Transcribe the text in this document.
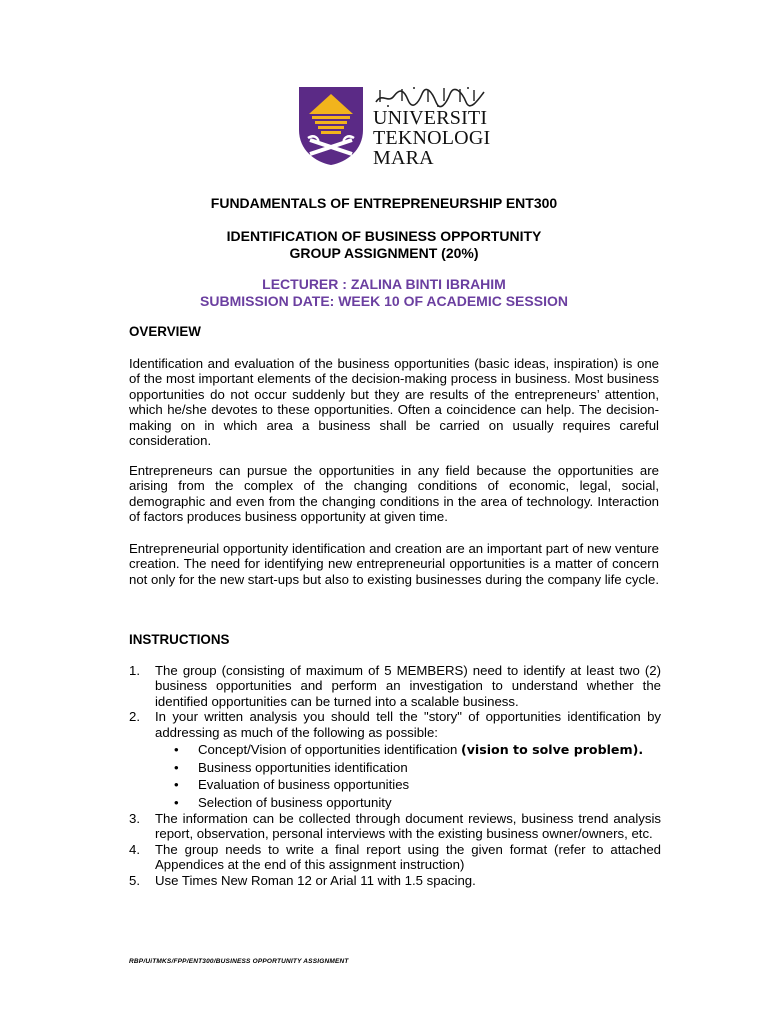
UNIVERSITI
TEKNOLOGI
MARA
FUNDAMENTALS OF ENTREPRENEURSHIP ENT300
IDENTIFICATION OF BUSINESS OPPORTUNITY
GROUP ASSIGNMENT (20%)
LECTURER : ZALINA BINTI IBRAHIM
SUBMISSION DATE: WEEK 10 OF ACADEMIC SESSION
OVERVIEW

Identification and evaluation of the business opportunities (basic ideas, inspiration) is one of the most important elements of the decision-making process in business. Most business opportunities do not occur suddenly but they are results of the entrepreneurs’ attention, which he/she devotes to these opportunities. Often a coincidence can help. The decision-making on in which area a business shall be carried on usually requires careful consideration.

Entrepreneurs can pursue the opportunities in any field because the opportunities are arising from the complex of the changing conditions of economic, legal, social, demographic and even from the changing conditions in the area of technology. Interaction of factors produces business opportunity at given time.

Entrepreneurial opportunity identification and creation are an important part of new venture creation. The need for identifying new entrepreneurial opportunities is a matter of concern not only for the new start-ups but also to existing businesses during the company life cycle.

INSTRUCTIONS
1. The group (consisting of maximum of 5 MEMBERS) need to identify at least two (2) business opportunities and perform an investigation to understand whether the identified opportunities can be turned into a scalable business.
2. In your written analysis you should tell the "story" of opportunities identification by addressing as much of the following as possible:
• Concept/Vision of opportunities identification (vision to solve problem).
• Business opportunities identification
• Evaluation of business opportunities
• Selection of business opportunity
3. The information can be collected through document reviews, business trend analysis report, observation, personal interviews with the existing business owner/owners, etc.
4. The group needs to write a final report using the given format (refer to attached Appendices at the end of this assignment instruction)
5. Use Times New Roman 12 or Arial 11 with 1.5 spacing.
RBP/UiTMKS/FPP/ENT300/BUSINESS OPPORTUNITY ASSIGNMENT
